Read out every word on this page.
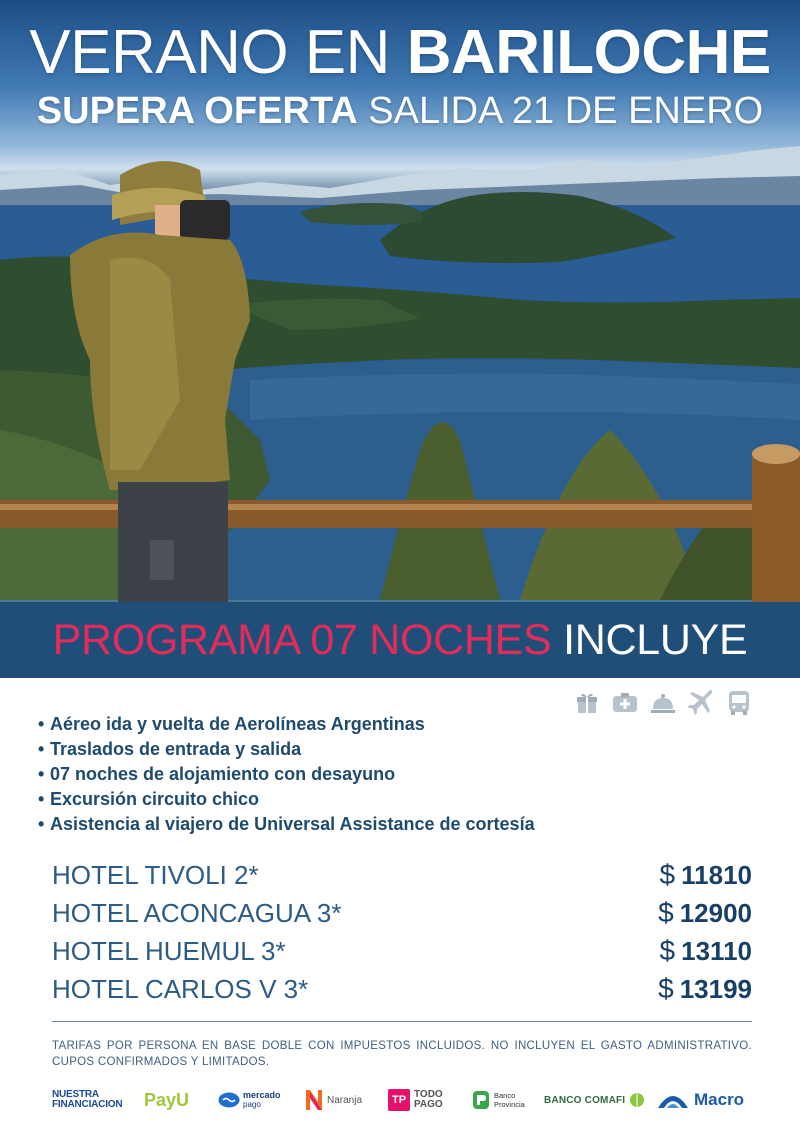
VERANO EN BARILOCHE
SUPERA OFERTA SALIDA 21 DE ENERO
PROGRAMA 07 NOCHES INCLUYE
• Aéreo ida y vuelta de Aerolíneas Argentinas
• Traslados de entrada y salida
• 07 noches de alojamiento con desayuno
• Excursión circuito chico
• Asistencia al viajero de Universal Assistance de cortesía
HOTEL TIVOLI 2*	$ 11810
HOTEL ACONCAGUA 3*	$ 12900
HOTEL HUEMUL 3*	$ 13110
HOTEL CARLOS V 3*	$ 13199

TARIFAS POR PERSONA EN BASE DOBLE CON IMPUESTOS INCLUIDOS. NO INCLUYEN EL GASTO ADMINISTRATIVO. CUPOS CONFIRMADOS Y LIMITADOS.

NUESTRA
FINANCIACION PayU	mercado
pago	Naranja	TP TODO
PAGO
Banco
Provincia BANCO COMAFI	Macro
